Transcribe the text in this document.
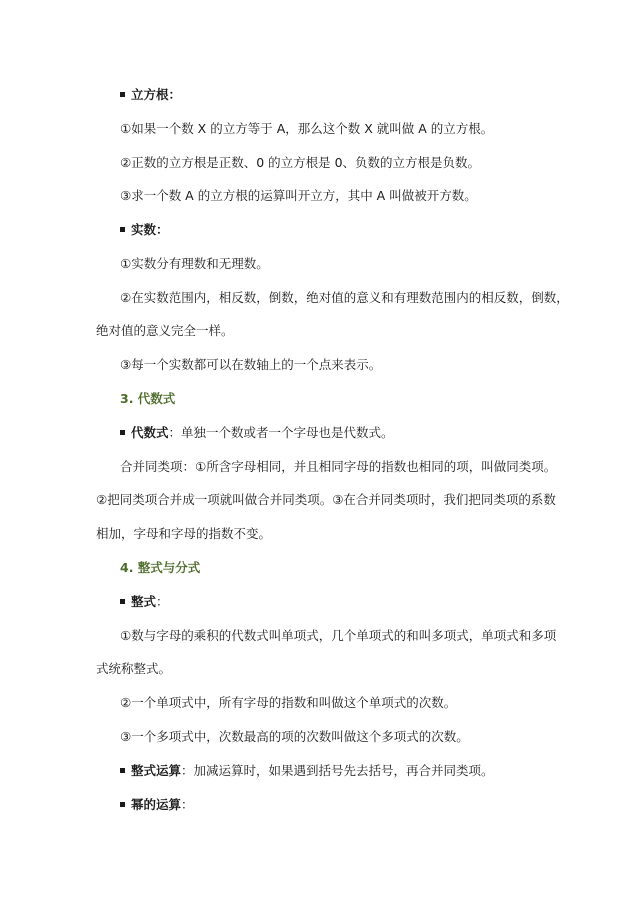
立方根：
①如果一个数 X 的立方等于 A，那么这个数 X 就叫做 A 的立方根。
②正数的立方根是正数、0 的立方根是 0、负数的立方根是负数。
③求一个数 A 的立方根的运算叫开立方，其中 A 叫做被开方数。
实数：
①实数分有理数和无理数。
②在实数范围内，相反数，倒数，绝对值的意义和有理数范围内的相反数，倒数，
绝对值的意义完全一样。
③每一个实数都可以在数轴上的一个点来表示。
3. 代数式
代数式：单独一个数或者一个字母也是代数式。
合并同类项：①所含字母相同，并且相同字母的指数也相同的项，叫做同类项。
②把同类项合并成一项就叫做合并同类项。③在合并同类项时，我们把同类项的系数
相加，字母和字母的指数不变。
4. 整式与分式
整式：
①数与字母的乘积的代数式叫单项式，几个单项式的和叫多项式，单项式和多项
式统称整式。
②一个单项式中，所有字母的指数和叫做这个单项式的次数。
③一个多项式中，次数最高的项的次数叫做这个多项式的次数。
整式运算：加减运算时，如果遇到括号先去括号，再合并同类项。
幂的运算：
